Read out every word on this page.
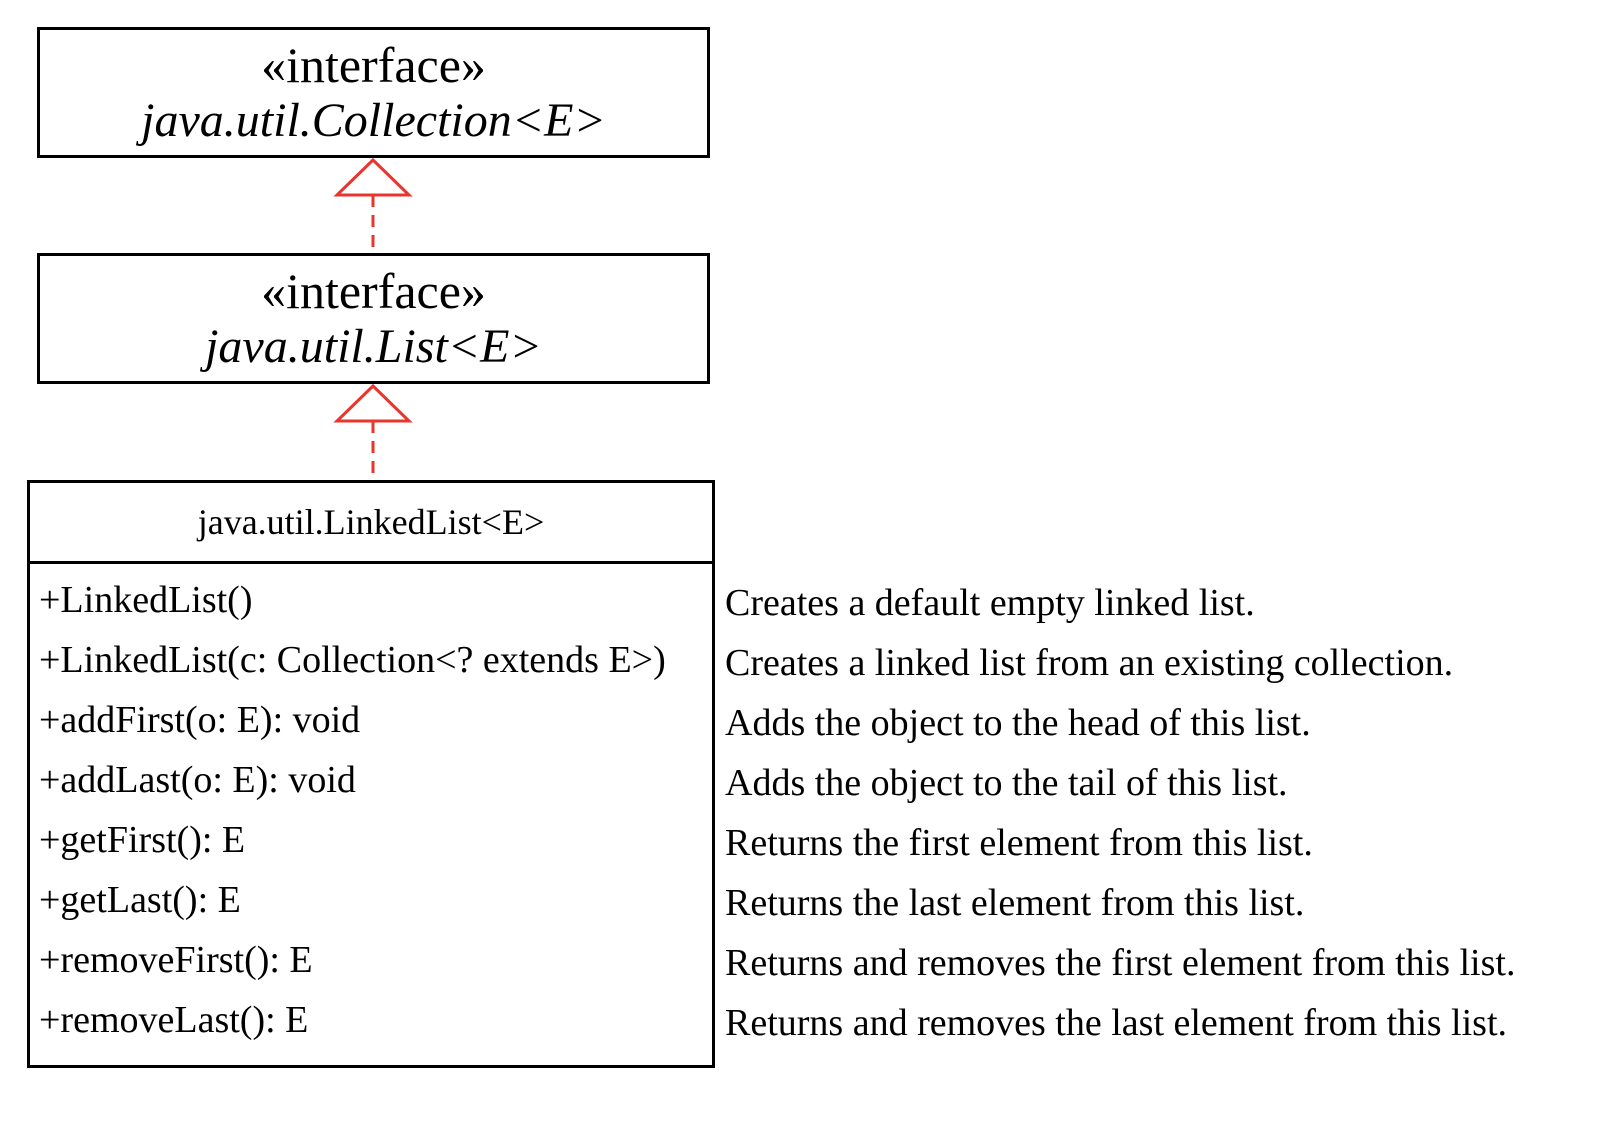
«interface»
java.util.Collection<E>
«interface»
java.util.List<E>
java.util.LinkedList<E>
+LinkedList()
+LinkedList(c: Collection<? extends E>)
+addFirst(o: E): void
+addLast(o: E): void
+getFirst(): E
+getLast(): E
+removeFirst(): E
+removeLast(): E
Creates a default empty linked list.
Creates a linked list from an existing collection.
Adds the object to the head of this list.
Adds the object to the tail of this list.
Returns the first element from this list.
Returns the last element from this list.
Returns and removes the first element from this list.
Returns and removes the last element from this list.
